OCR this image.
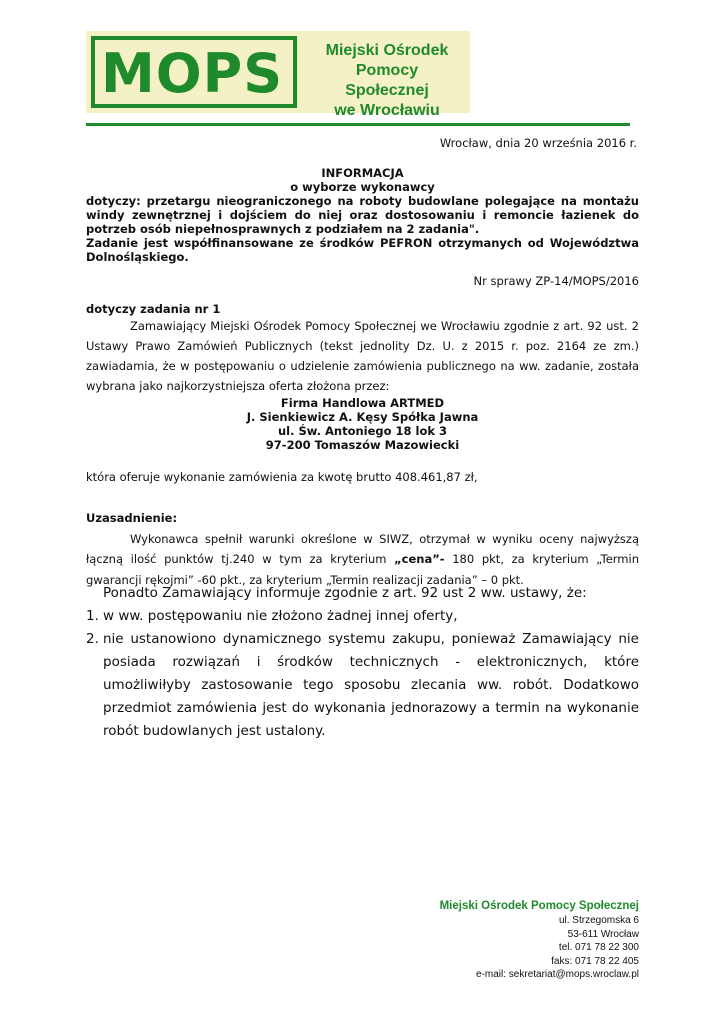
MOPS	Miejski Ośrodek
Pomocy Społecznej
we Wrocławiu
Wrocław, dnia 20 września 2016 r.
INFORMACJA
o wyborze wykonawcy
dotyczy: przetargu nieograniczonego na roboty budowlane polegające na montażu windy zewnętrznej i dojściem do niej oraz dostosowaniu i remoncie łazienek do potrzeb osób niepełnosprawnych z podziałem na 2 zadania".
Zadanie jest współfinansowane ze środków PEFRON otrzymanych od Województwa Dolnośląskiego.
Nr sprawy ZP-14/MOPS/2016
dotyczy zadania nr 1
Zamawiający Miejski Ośrodek Pomocy Społecznej we Wrocławiu zgodnie z art. 92 ust. 2 Ustawy Prawo Zamówień Publicznych (tekst jednolity Dz. U. z 2015 r. poz. 2164 ze zm.) zawiadamia, że w postępowaniu o udzielenie zamówienia publicznego na ww. zadanie, została wybrana jako najkorzystniejsza oferta złożona przez:
Firma Handlowa ARTMED
J. Sienkiewicz A. Kęsy Spółka Jawna
ul. Św. Antoniego 18 lok 3
97-200 Tomaszów Mazowiecki
która oferuje wykonanie zamówienia za kwotę brutto 408.461,87 zł,
Uzasadnienie:
Wykonawca spełnił warunki określone w SIWZ, otrzymał w wyniku oceny najwyższą łączną ilość punktów tj.240 w tym za kryterium „cena”- 180 pkt, za kryterium „Termin gwarancji rękojmi” -60 pkt., za kryterium „Termin realizacji zadania” – 0 pkt.
Ponadto Zamawiający informuje zgodnie z art. 92 ust 2 ww. ustawy, że:
1. w ww. postępowaniu nie złożono żadnej innej oferty,
2. nie ustanowiono dynamicznego systemu zakupu, ponieważ Zamawiający nie posiada rozwiązań i środków technicznych - elektronicznych, które umożliwiłyby zastosowanie tego sposobu zlecania ww. robót. Dodatkowo przedmiot zamówienia jest do wykonania jednorazowy a termin na wykonanie robót budowlanych jest ustalony.
Miejski Ośrodek Pomocy Społecznej
ul. Strzegomska 6
53-611 Wrocław
tel. 071 78 22 300
faks: 071 78 22 405
e-mail: sekretariat@mops.wroclaw.pl
